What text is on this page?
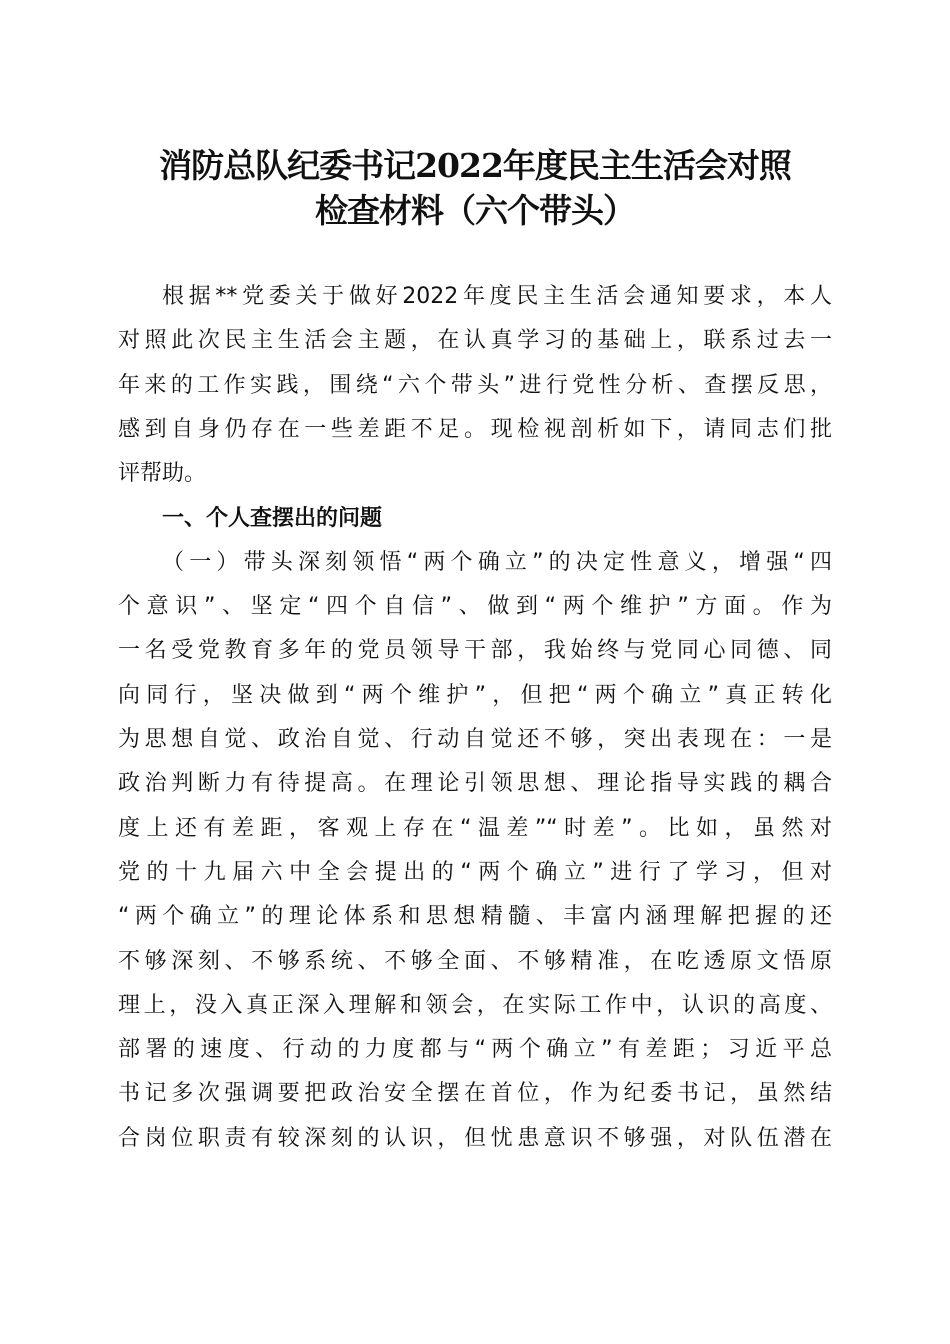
消防总队纪委书记2022年度民主生活会对照
检查材料（六个带头）
根据**党委关于做好2022年度民主生活会通知要求，本人
对照此次民主生活会主题，在认真学习的基础上，联系过去一
年来的工作实践，围绕“六个带头”进行党性分析、查摆反思，
感到自身仍存在一些差距不足。现检视剖析如下，请同志们批
评帮助。
一、个人查摆出的问题
（一）带头深刻领悟“两个确立”的决定性意义，增强“四
个意识”、坚定“四个自信”、做到“两个维护”方面。作为
一名受党教育多年的党员领导干部，我始终与党同心同德、同
向同行，坚决做到“两个维护”，但把“两个确立”真正转化
为思想自觉、政治自觉、行动自觉还不够，突出表现在：一是
政治判断力有待提高。在理论引领思想、理论指导实践的耦合
度上还有差距，客观上存在“温差”“时差”。比如，虽然对
党的十九届六中全会提出的“两个确立”进行了学习，但对
“两个确立”的理论体系和思想精髓、丰富内涵理解把握的还
不够深刻、不够系统、不够全面、不够精准，在吃透原文悟原
理上，没入真正深入理解和领会，在实际工作中，认识的高度、
部署的速度、行动的力度都与“两个确立”有差距；习近平总
书记多次强调要把政治安全摆在首位，作为纪委书记，虽然结
合岗位职责有较深刻的认识，但忧患意识不够强，对队伍潜在
